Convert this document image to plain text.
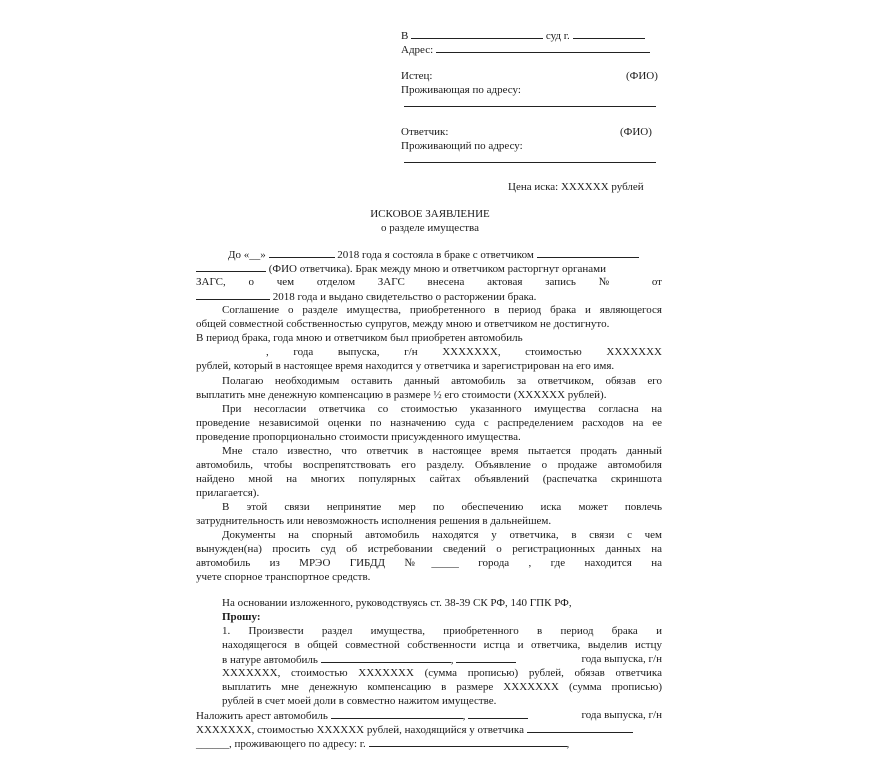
В	суд г.
Адрес:
Истец:	(ФИО)
Проживающая по адресу:
Ответчик:	(ФИО)
Проживающий по адресу:
Цена иска: XXXXXX рублей
ИСКОВОЕ ЗАЯВЛЕНИЕ
о разделе имущества
До «__»	2018 года я состояла в браке с ответчиком
(ФИО ответчика). Брак между мною и ответчиком расторгнут органами
ЗАГС, о чем отделом ЗАГС внесена актовая запись № от
2018 года и выдано свидетельство о расторжении брака.
Соглашение о разделе имущества, приобретенного в период брака и являющегося
общей совместной собственностью супругов, между мною и ответчиком не достигнуто.
В период брака, года мною и ответчиком был приобретен автомобиль
, года выпуска, г/н XXXXXXX, стоимостью XXXXXXX
рублей, который в настоящее время находится у ответчика и зарегистрирован на его имя.
Полагаю необходимым оставить данный автомобиль за ответчиком, обязав его
выплатить мне денежную компенсацию в размере ½ его стоимости (XXXXXX рублей).
При несогласии ответчика со стоимостью указанного имущества согласна на
проведение независимой оценки по назначению суда с распределением расходов на ее
проведение пропорционально стоимости присужденного имущества.
Мне стало известно, что ответчик в настоящее время пытается продать данный
автомобиль, чтобы воспрепятствовать его разделу. Объявление о продаже автомобиля
найдено мной на многих популярных сайтах объявлений (распечатка скриншота
прилагается).
В этой связи непринятие мер по обеспечению иска может повлечь
затруднительность или невозможность исполнения решения в дальнейшем.
Документы на спорный автомобиль находятся у ответчика, в связи с чем
вынужден(на) просить суд об истребовании сведений о регистрационных данных на
автомобиль из МРЭО ГИБДД №_____ города , где находится на
учете спорное транспортное средств.
На основании изложенного, руководствуясь ст. 38-39 СК РФ, 140 ГПК РФ,
Прошу:
1. Произвести раздел имущества, приобретенного в период брака и
находящегося в общей совместной собственности истца и ответчика, выделив истцу
в натуре автомобиль	,	года выпуска, г/н
XXXXXXX, стоимостью XXXXXXX (сумма прописью) рублей, обязав ответчика
выплатить мне денежную компенсацию в размере XXXXXXX (сумма прописью)
рублей в счет моей доли в совместно нажитом имуществе.
Наложить арест автомобиль	,	года выпуска, г/н
XXXXXXX, стоимостью XXXXXX рублей, находящийся у ответчика
______, проживающего по адресу: г.	,
